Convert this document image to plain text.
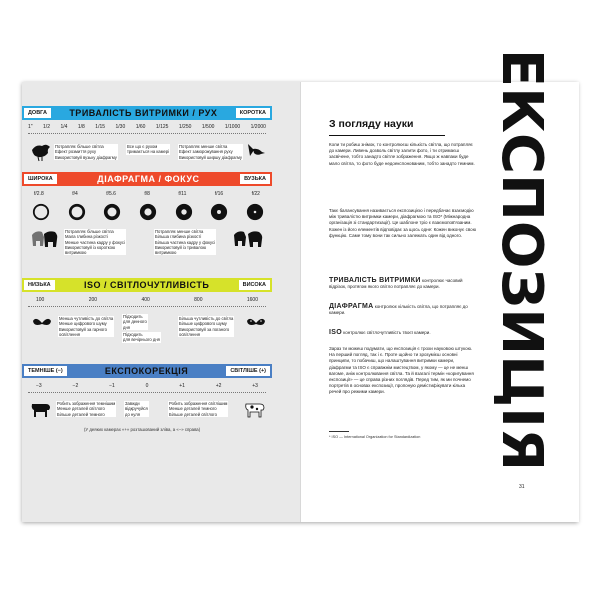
ДОВГА	ТРИВАЛІСТЬ ВИТРИМКИ / РУХ	КОРОТКА
1" 1/2 1/4 1/8 1/15 1/30 1/60 1/125 1/250 1/500 1/1000 1/2000
Потрапляє більше світла
Ефект розмиття руху
Використовуй вузьку діафрагму
Все що є рухом
тримається на камері
Потрапляє менше світла
Ефект заморожування руху
Використовуй ширшу діафрагму
ШИРОКА	ДІАФРАГМА / ФОКУС	ВУЗЬКА
f/2.8	f/4	f/5.6	f/8	f/11	f/16	f/22
Потрапляє більше світла
Мала глибина різкості
Менше частина кадру у фокусі
Використовуй із короткою
витримкою
Потрапляє менше світла
Більша глибина різкості
Більша частина кадру у фокусі
Використовуй із тривалою
витримкою
НИЗЬКА	ISO / СВІТЛОЧУТЛИВІСТЬ	ВИСОКА
100	200	400	800	1600
Менша чутливість до світла
Менше цифрового шуму
Використовуй за гарного
освітлення
Підходить
для денного
дня
Підходить
для вечірнього дня
Більша чутливість до світла
Більше цифрового шуму
Використовуй за поганого
освітлення
ТЕМНІШЕ (−)	ЕКСПОКОРЕКЦІЯ	СВІТЛІШЕ (+)
−3	−2	−1	0	+1	+2	+3
Робить зображення темнішим
Менше деталей світлого
Більше деталей темного
Завжди
відкручуйся
до нуля
Робить зображення світлішим
Менше деталей темного
Більше деталей світлого
(У деяких камерах «+» розташований зліва, а «−» справа)
З погляду науки

Коли ти робиш знімок, то контролюєш кількість світла, що потрапляє до камери. Ливень дозволь світлу залити фото, і ти отримаєш засвічене, тобто занадто світле зображення. Якщо ж навпаки буде мало світла, то фото буде недоекспонованим, тобто занадто темним.

Такє балансування називається експозицією і передбачає взаємодію між тривалістю витримки камери, діафрагмою та ISO* (Міжнародна організація зі стандартизації). Це шаблоне тріо є взаємопов'язаним. Кожен із його елементів відповідає за щось одне: Кожен виконує свою функцію. Саме тому вони так сильно залежать один від одного.

ТРИВАЛІСТЬ ВИТРИМКИ контролює часовий відрізок, протягом якого світло потрапляє до камери.
ДІАФРАГМА контролює кількість світла, що потрапляє до камери.
ISO контролює світлочутливість твоєї камери.

Зараз ти можеш подумати, що експозиція є трохи науковою штукою. На перший погляд, так і є. Проте щойно ти зрозумієш основні принципи, то побачиш, що налаштування витримки камери, діафрагми та ISO є справжнім мистецтвом, у якому — це не менш вагоме, аніж контролювання світла. Та й взагалі термін «коригування експозиції» — це справа різних поглядів. Перед тим, як ми почнемо портретів в основах експозиції, пропоную демістифікувати кілька речей про режими камери.

* ISO — International Organization for Standardization
31
ЕКСПОЗИЦІЯ
